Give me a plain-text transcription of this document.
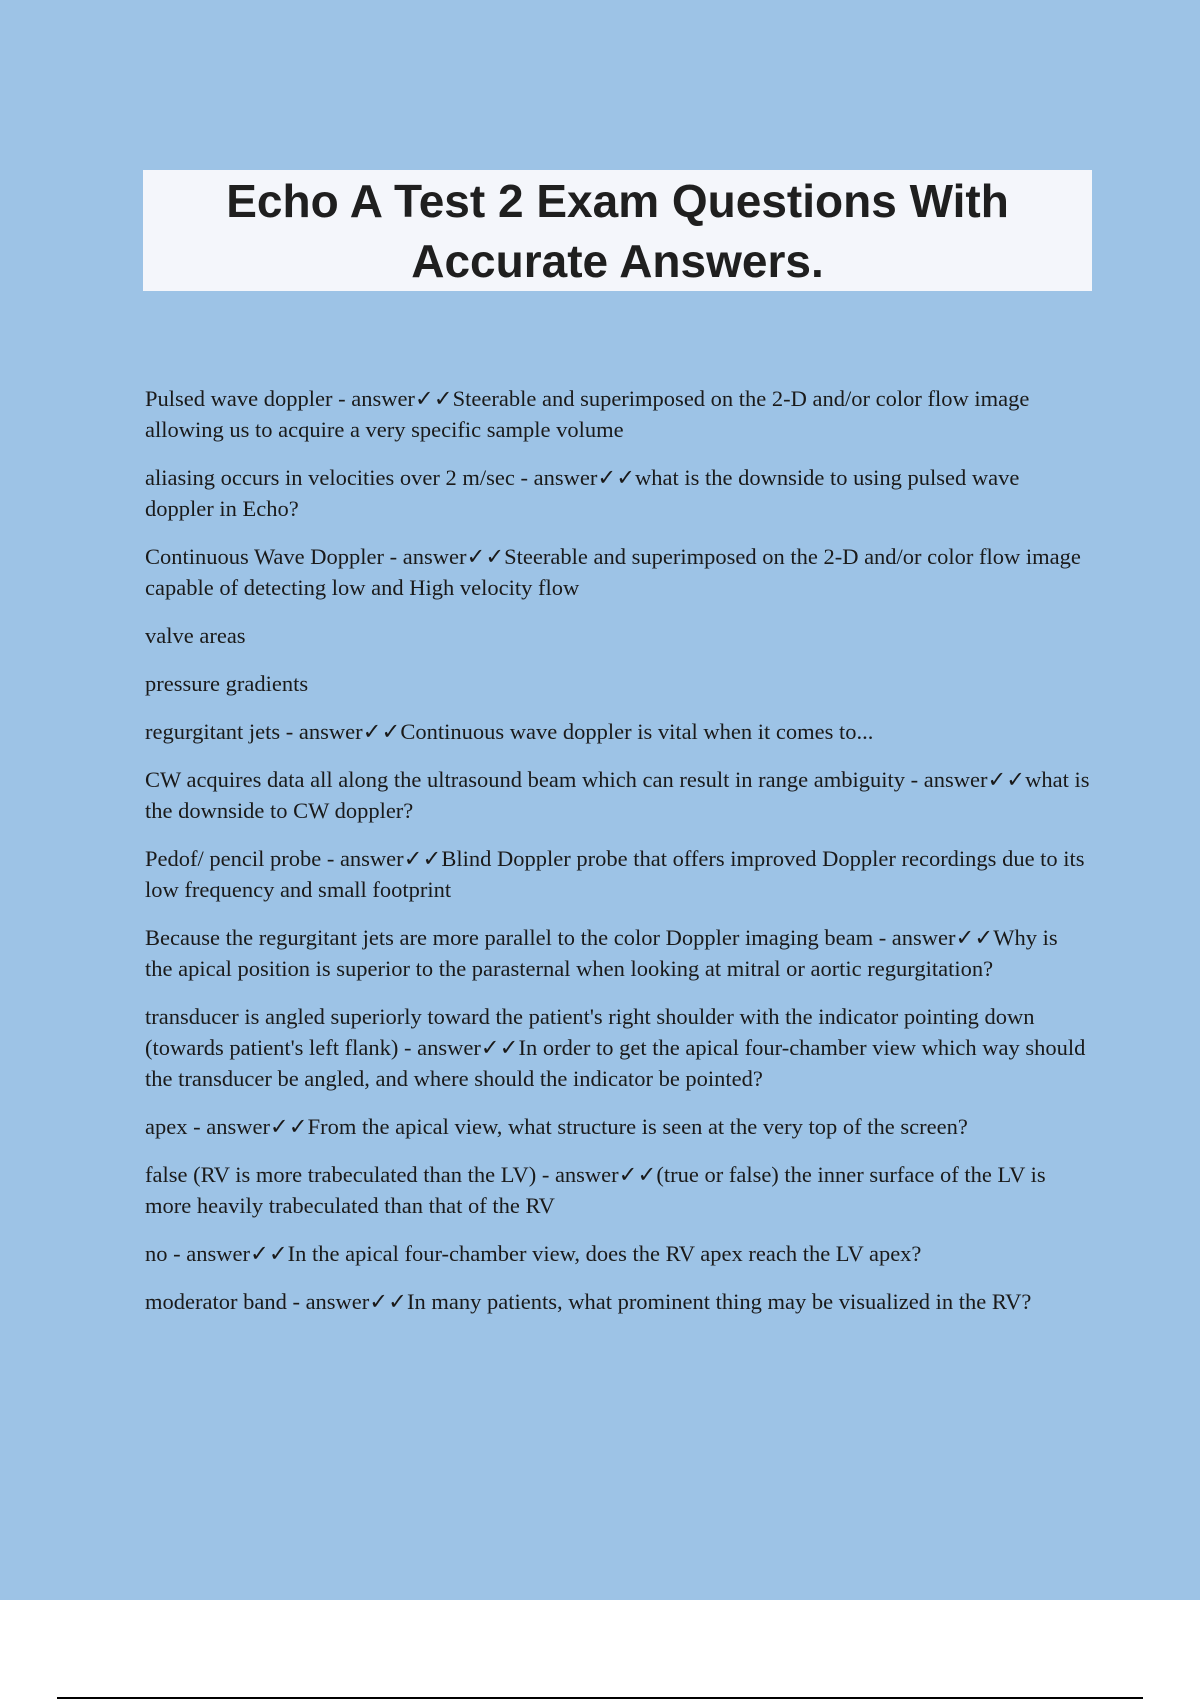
Echo A Test 2 Exam Questions With Accurate Answers.

Pulsed wave doppler - answer✓✓Steerable and superimposed on the 2-D and/or color flow image allowing us to acquire a very specific sample volume

aliasing occurs in velocities over 2 m/sec - answer✓✓what is the downside to using pulsed wave doppler in Echo?

Continuous Wave Doppler - answer✓✓Steerable and superimposed on the 2-D and/or color flow image capable of detecting low and High velocity flow

valve areas

pressure gradients

regurgitant jets - answer✓✓Continuous wave doppler is vital when it comes to...

CW acquires data all along the ultrasound beam which can result in range ambiguity - answer✓✓what is the downside to CW doppler?

Pedof/ pencil probe - answer✓✓Blind Doppler probe that offers improved Doppler recordings due to its low frequency and small footprint

Because the regurgitant jets are more parallel to the color Doppler imaging beam - answer✓✓Why is the apical position is superior to the parasternal when looking at mitral or aortic regurgitation?

transducer is angled superiorly toward the patient's right shoulder with the indicator pointing down (towards patient's left flank) - answer✓✓In order to get the apical four-chamber view which way should the transducer be angled, and where should the indicator be pointed?

apex - answer✓✓From the apical view, what structure is seen at the very top of the screen?

false (RV is more trabeculated than the LV) - answer✓✓(true or false) the inner surface of the LV is more heavily trabeculated than that of the RV

no - answer✓✓In the apical four-chamber view, does the RV apex reach the LV apex?

moderator band - answer✓✓In many patients, what prominent thing may be visualized in the RV?
